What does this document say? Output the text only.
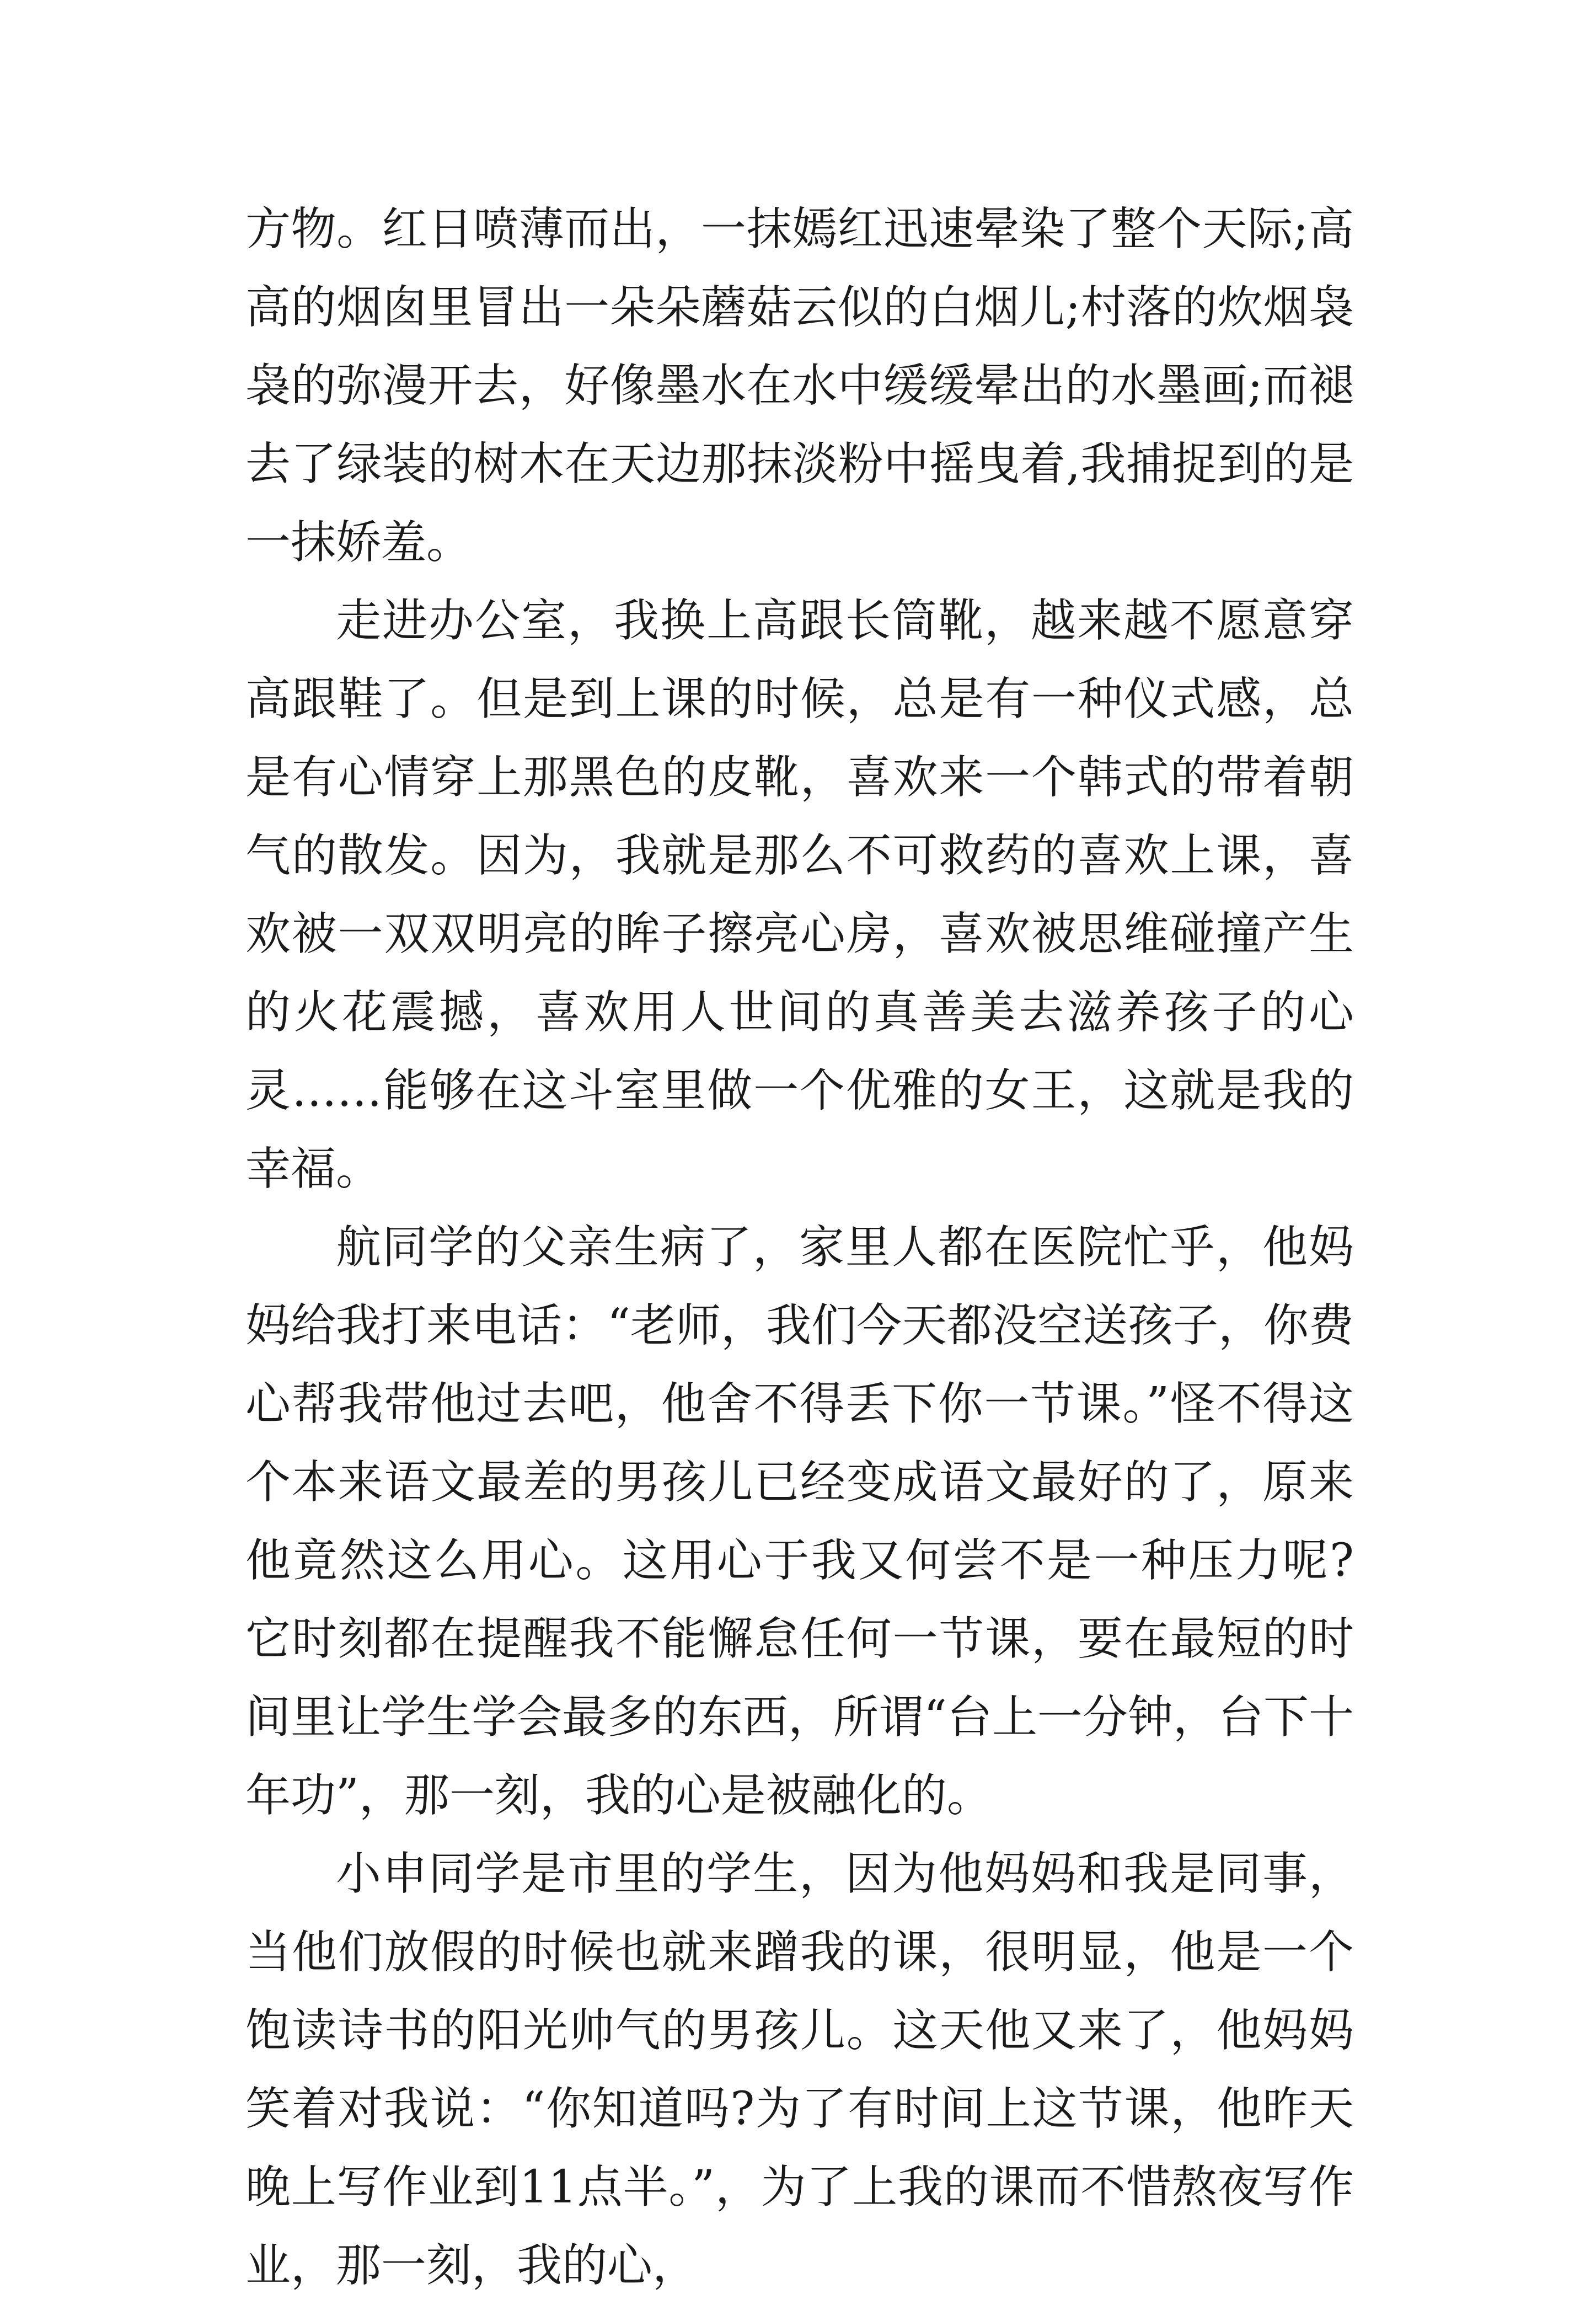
方物。红日喷薄而出，一抹嫣红迅速晕染了整个天际;高高的烟囱里冒出一朵朵蘑菇云似的白烟儿;村落的炊烟袅袅的弥漫开去，好像墨水在水中缓缓晕出的水墨画;而褪去了绿装的树木在天边那抹淡粉中摇曳着,我捕捉到的是一抹娇羞。

走进办公室，我换上高跟长筒靴，越来越不愿意穿高跟鞋了。但是到上课的时候，总是有一种仪式感，总是有心情穿上那黑色的皮靴，喜欢来一个韩式的带着朝气的散发。因为，我就是那么不可救药的喜欢上课，喜欢被一双双明亮的眸子擦亮心房，喜欢被思维碰撞产生的火花震撼，喜欢用人世间的真善美去滋养孩子的心灵……能够在这斗室里做一个优雅的女王，这就是我的幸福。

航同学的父亲生病了，家里人都在医院忙乎，他妈妈给我打来电话：“老师，我们今天都没空送孩子，你费心帮我带他过去吧，他舍不得丢下你一节课。”怪不得这个本来语文最差的男孩儿已经变成语文最好的了，原来他竟然这么用心。这用心于我又何尝不是一种压力呢?它时刻都在提醒我不能懈怠任何一节课，要在最短的时间里让学生学会最多的东西，所谓“台上一分钟，台下十年功”，那一刻，我的心是被融化的。

小申同学是市里的学生，因为他妈妈和我是同事，当他们放假的时候也就来蹭我的课，很明显，他是一个饱读诗书的阳光帅气的男孩儿。这天他又来了，他妈妈笑着对我说：“你知道吗?为了有时间上这节课，他昨天晚上写作业到11点半。”，为了上我的课而不惜熬夜写作业，那一刻，我的心，
